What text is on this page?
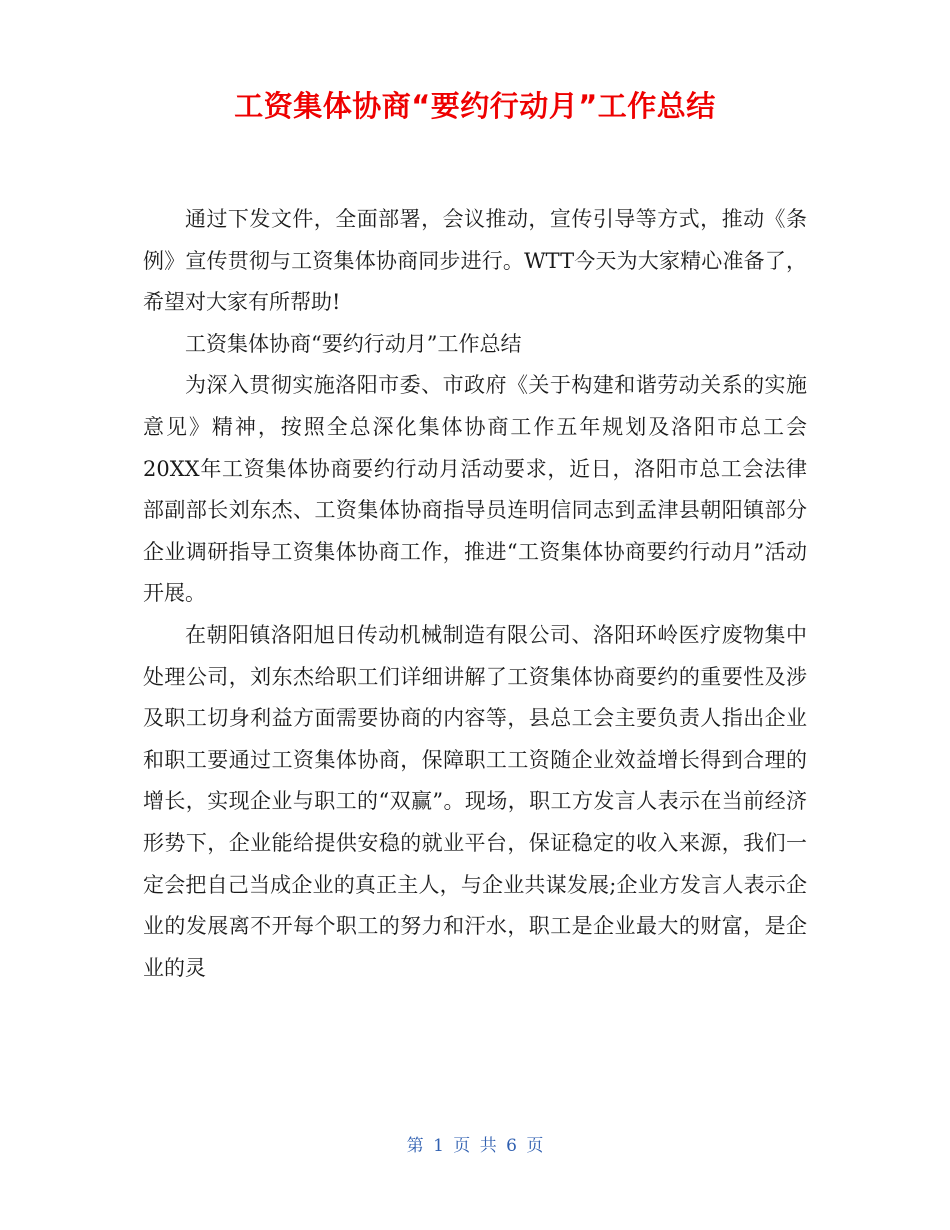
工资集体协商“要约行动月”工作总结

通过下发文件，全面部署，会议推动，宣传引导等方式，推动《条例》宣传贯彻与工资集体协商同步进行。WTT今天为大家精心准备了，希望对大家有所帮助!

工资集体协商“要约行动月”工作总结

为深入贯彻实施洛阳市委、市政府《关于构建和谐劳动关系的实施意见》精神，按照全总深化集体协商工作五年规划及洛阳市总工会20XX年工资集体协商要约行动月活动要求，近日，洛阳市总工会法律部副部长刘东杰、工资集体协商指导员连明信同志到孟津县朝阳镇部分企业调研指导工资集体协商工作，推进“工资集体协商要约行动月”活动开展。

在朝阳镇洛阳旭日传动机械制造有限公司、洛阳环岭医疗废物集中处理公司，刘东杰给职工们详细讲解了工资集体协商要约的重要性及涉及职工切身利益方面需要协商的内容等，县总工会主要负责人指出企业和职工要通过工资集体协商，保障职工工资随企业效益增长得到合理的增长，实现企业与职工的“双赢”。现场，职工方发言人表示在当前经济形势下，企业能给提供安稳的就业平台，保证稳定的收入来源，我们一定会把自己当成企业的真正主人，与企业共谋发展;企业方发言人表示企业的发展离不开每个职工的努力和汗水，职工是企业最大的财富，是企业的灵

第 1 页 共 6 页
